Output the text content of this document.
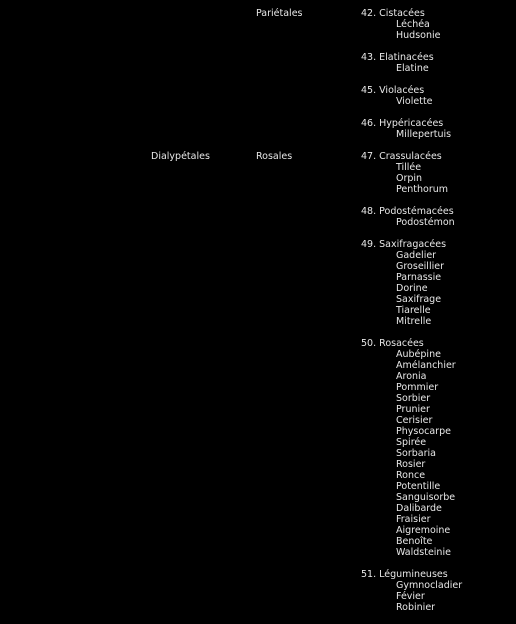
Pariétales
Dialypétales	Rosales
42. Cistacées
Léchéa
Hudsonie
43. Elatinacées
Elatine
45. Violacées
Violette
46. Hypéricacées
Millepertuis
47. Crassulacées
Tillée
Orpin
Penthorum
48. Podostémacées
Podostémon
49. Saxifragacées
Gadelier
Groseillier
Parnassie
Dorine
Saxifrage
Tiarelle
Mitrelle
50. Rosacées
Aubépine
Amélanchier
Aronia
Pommier
Sorbier
Prunier
Cerisier
Physocarpe
Spirée
Sorbaria
Rosier
Ronce
Potentille
Sanguisorbe
Dalibarde
Fraisier
Aigremoine
Benoîte
Waldsteinie
51. Légumineuses
Gymnocladier
Févier
Robinier
